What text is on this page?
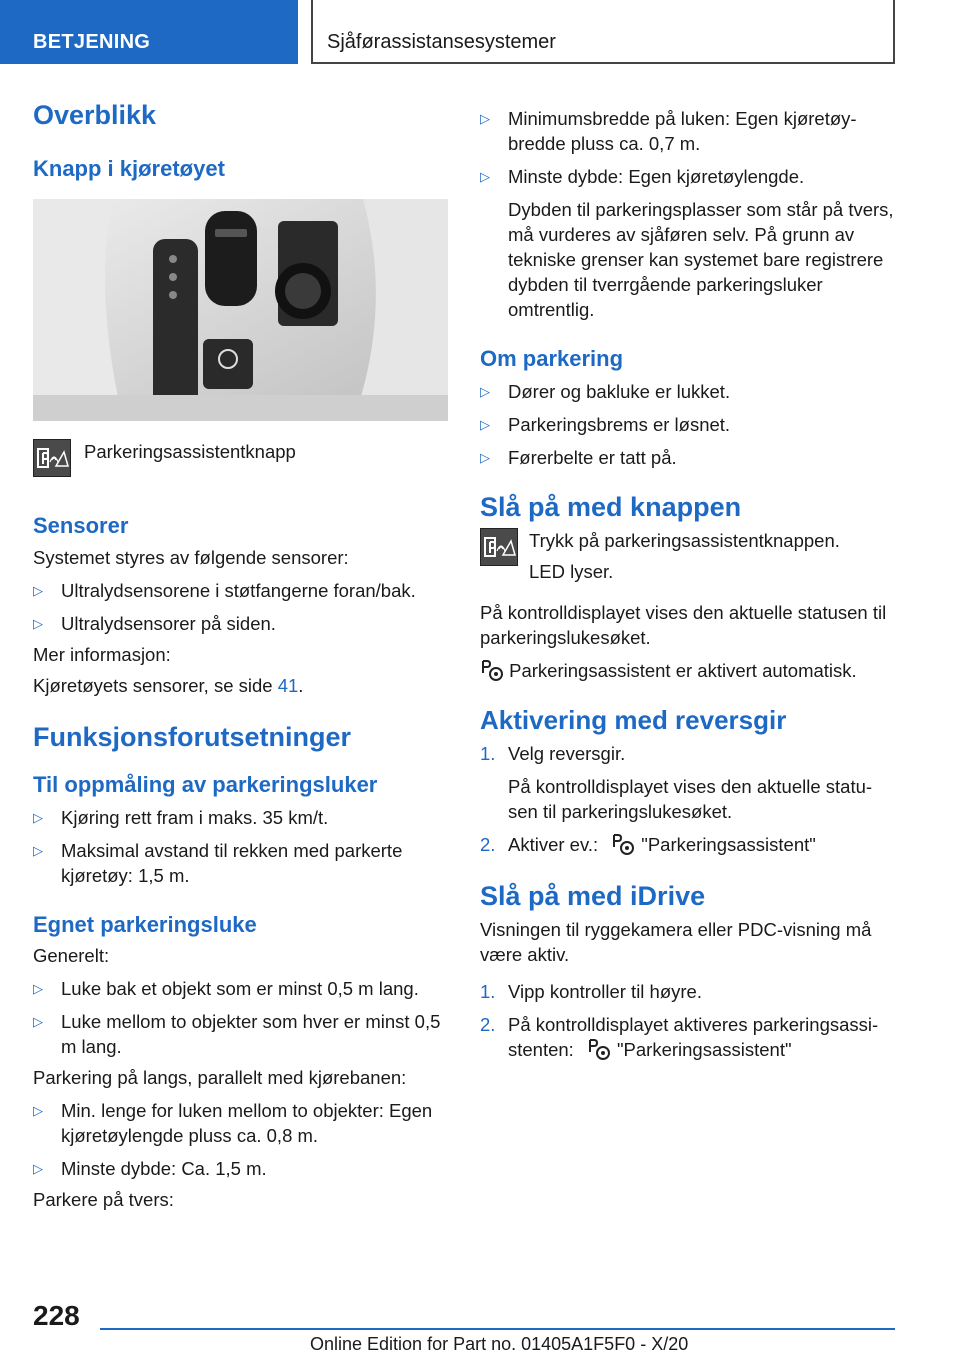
BETJENING	Sjåførassistansesystemer
Overblikk
Knapp i kjøretøyet
Parkeringsassistentknapp
Sensorer

Systemet styres av følgende sensorer:

▷ Ultralydsensorene i støtfangerne foran/bak.
▷ Ultralydsensorer på siden.

Mer informasjon:

Kjøretøyets sensorer, se side 41.

Funksjonsforutsetninger
Til oppmåling av parkeringsluker
▷ Kjøring rett fram i maks. 35 km/t.
▷ Maksimal avstand til rekken med parkerte kjøretøy: 1,5 m.
Egnet parkeringsluke

Generelt:

▷ Luke bak et objekt som er minst 0,5 m lang.
▷ Luke mellom to objekter som hver er minst 0,5 m lang.

Parkering på langs, parallelt med kjørebanen:

▷ Min. lenge for luken mellom to objekter: Egen kjøretøylengde pluss ca. 0,8 m.
▷ Minste dybde: Ca. 1,5 m.

Parkere på tvers:

▷ Minimumsbredde på luken: Egen kjøretøybredde pluss ca. 0,7 m.
▷ Minste dybde: Egen kjøretøylengde.

Dybden til parkeringsplasser som står på tvers, må vurderes av sjåføren selv. På grunn av tekniske grenser kan systemet bare registrere dybden til tverrgående parkeringsluker omtrentlig.

Om parkering
▷ Dører og bakluke er lukket.
▷ Parkeringsbrems er løsnet.
▷ Førerbelte er tatt på.
Slå på med knappen

Trykk på parkeringsassistentknappen.

LED lyser.

På kontrolldisplayet vises den aktuelle statusen til parkeringslukesøket.

Parkeringsassistent er aktivert automatisk.

Aktivering med reversgir
1. Velg reversgir.

På kontrolldisplayet vises den aktuelle statusen til parkeringslukesøket.

2. Aktiver ev.: "Parkeringsassistent"
Slå på med iDrive

Visningen til ryggekamera eller PDC-visning må være aktiv.

1. Vipp kontroller til høyre.
2. På kontrolldisplayet aktiveres parkeringsassistenten: "Parkeringsassistent"
228
Online Edition for Part no. 01405A1F5F0 - X/20
